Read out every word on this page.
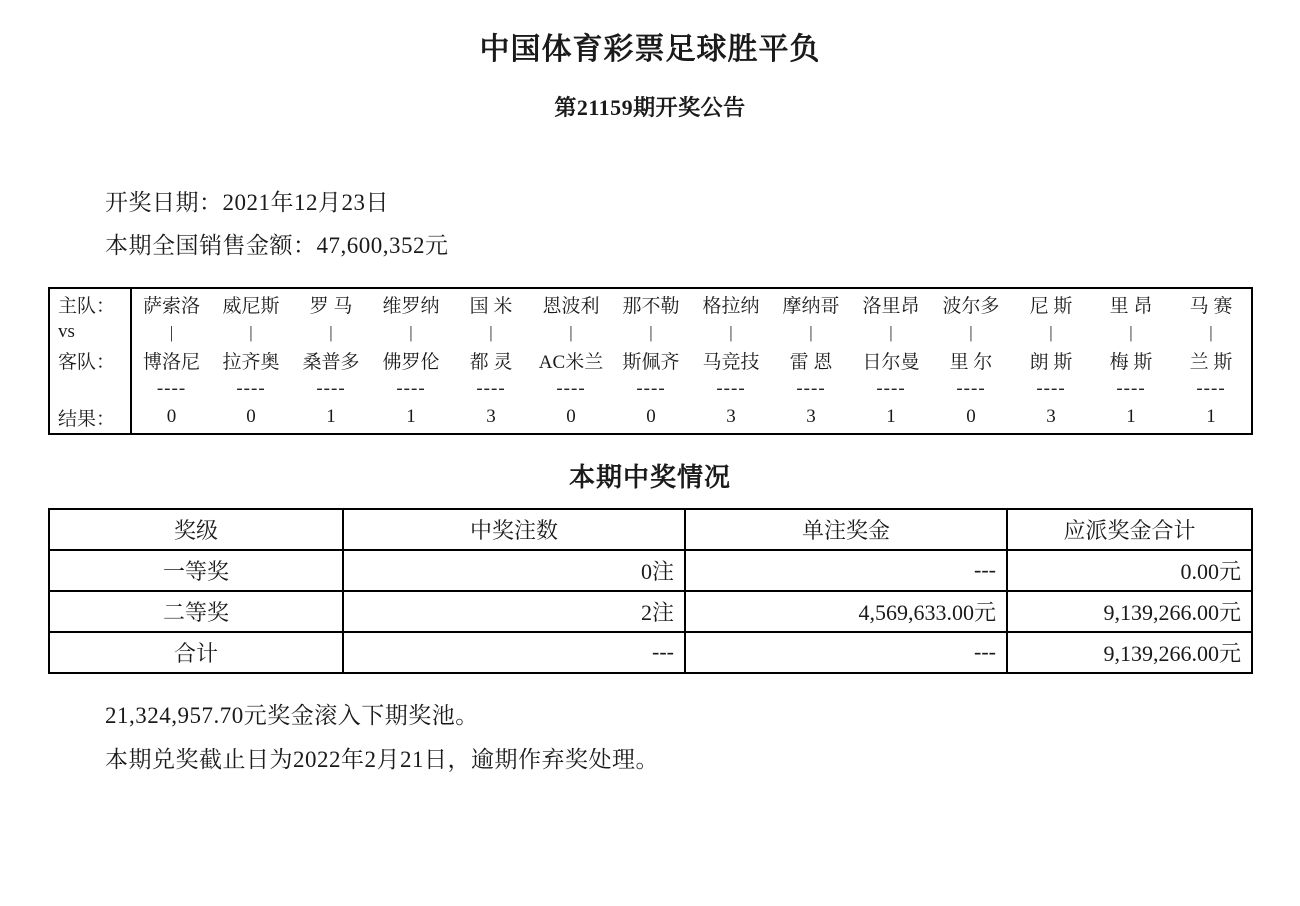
中国体育彩票足球胜平负
第21159期开奖公告
开奖日期：2021年12月23日
本期全国销售金额：47,600,352元
主队：	萨索洛	威尼斯	罗 马	维罗纳	国 米	恩波利	那不勒	格拉纳	摩纳哥	洛里昂	波尔多	尼 斯	里 昂	马 赛
vs	|	|	|	|	|	|	|	|	|	|	|	|	|	|

客队：	博洛尼	拉齐奥	桑普多	佛罗伦	都 灵	AC米兰	斯佩齐	马竞技	雷 恩	日尔曼	里 尔	朗 斯	梅 斯	兰 斯
	----	----	----	----	----	----	----	----	----	----	----	----	----	----
结果：	0	0	1	1	3	0	0	3	3	1	0	3	1	1
本期中奖情况
奖级	中奖注数	单注奖金	应派奖金合计
一等奖	0注	---	0.00元
二等奖	2注	4,569,633.00元	9,139,266.00元
合计	---	---	9,139,266.00元
21,324,957.70元奖金滚入下期奖池。
本期兑奖截止日为2022年2月21日，逾期作弃奖处理。
